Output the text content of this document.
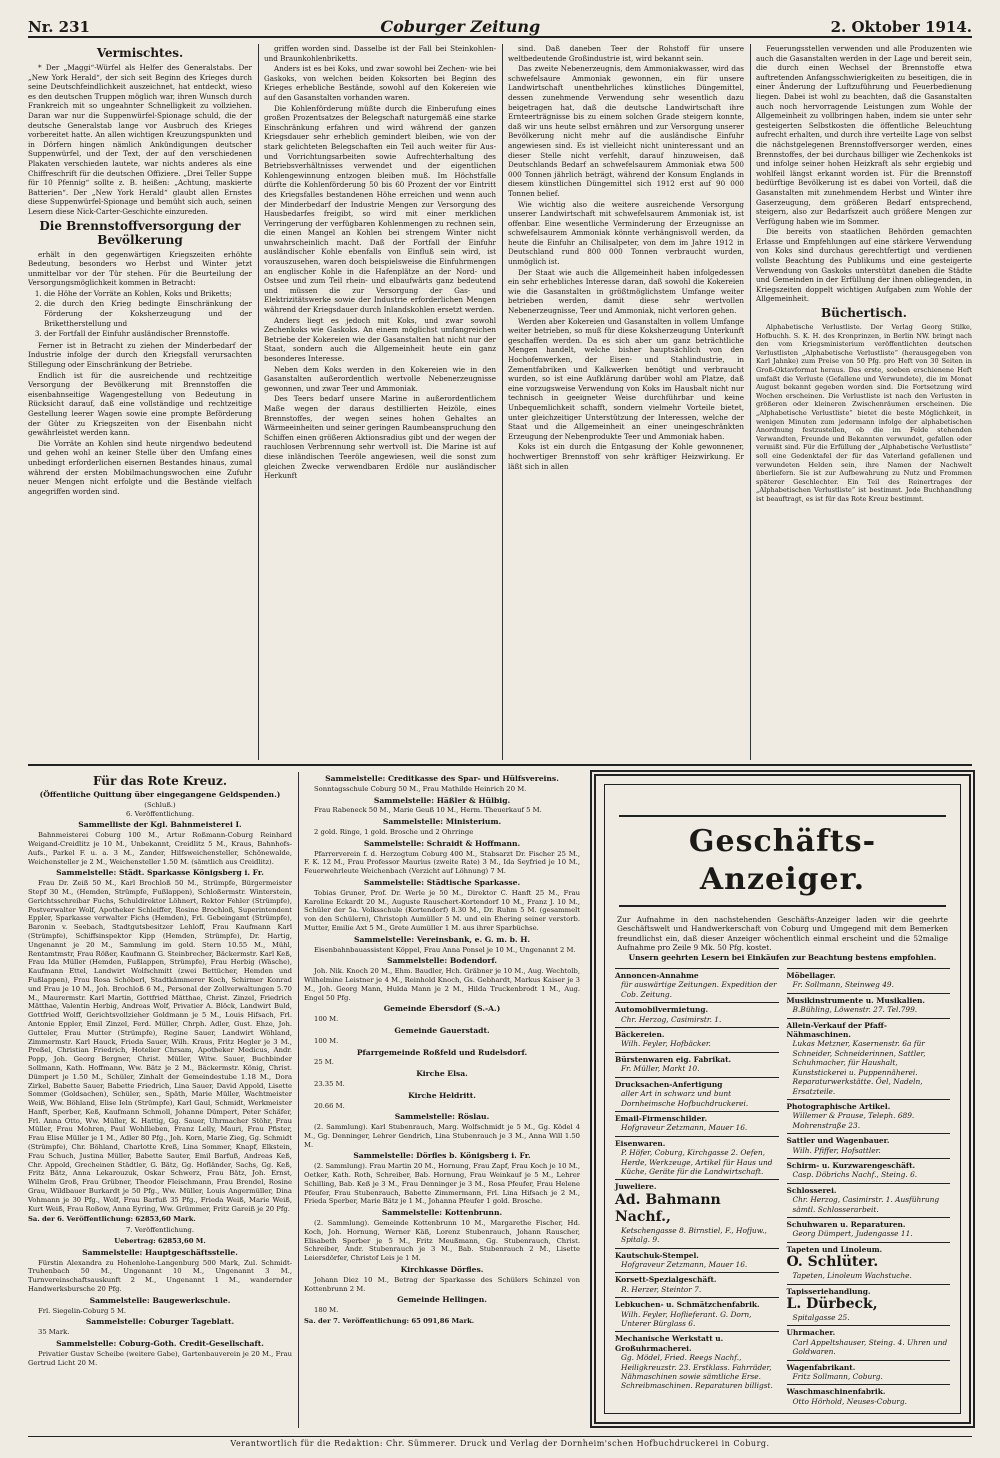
Nr. 231	Coburger Zeitung	2. Oktober 1914.
Vermischtes.

* Der „Maggi“-Würfel als Helfer des Generalstabs. Der „New York Herald“, der sich seit Beginn des Krieges durch seine Deutschfeindlichkeit auszeichnet, hat entdeckt, wieso es den deutschen Truppen möglich war, ihren Wunsch durch Frankreich mit so ungeahnter Schnelligkeit zu vollziehen. Daran war nur die Suppenwürfel-Spionage schuld, die der deutsche Generalstab lange vor Ausbruch des Krieges vorbereitet hatte. An allen wichtigen Kreuzungspunkten und in Dörfern hingen nämlich Ankündigungen deutscher Suppenwürfel, und der Text, der auf den verschiedenen Plakaten verschieden lautete, war nichts anderes als eine Chiffreschrift für die deutschen Offiziere. „Drei Teller Suppe für 10 Pfennig“ sollte z. B. heißen: „Achtung, maskierte Batterien“. Der „New York Herald“ glaubt allen Ernstes diese Suppenwürfel-Spionage und bemüht sich auch, seinen Lesern diese Nick-Carter-Geschichte einzureden.

Die Brennstoffversorgung der Bevölkerung

erhält in den gegenwärtigen Kriegszeiten erhöhte Bedeutung, besonders wo Herbst und Winter jetzt unmittelbar vor der Tür stehen. Für die Beurteilung der Versorgungsmöglichkeit kommen in Betracht:

1. die Höhe der Vorräte an Kohlen, Koks und Briketts;
2. die durch den Krieg bedingte Einschränkung der Förderung der Koksherzeugung und der Brikettherstellung und
3. der Fortfall der Einfuhr ausländischer Brennstoffe.

Ferner ist in Betracht zu ziehen der Minderbedarf der Industrie infolge der durch den Kriegsfall verursachten Stillegung oder Einschränkung der Betriebe.

Endlich ist für die ausreichende und rechtzeitige Versorgung der Bevölkerung mit Brennstoffen die eisenbahnseitige Wagengestellung von Bedeutung in Rücksicht darauf, daß eine vollständige und rechtzeitige Gestellung leerer Wagen sowie eine prompte Beförderung der Güter zu Kriegszeiten von der Eisenbahn nicht gewährleistet werden kann.

Die Vorräte an Kohlen sind heute nirgendwo bedeutend und gehen wohl an keiner Stelle über den Umfang eines unbedingt erforderlichen eisernen Bestandes hinaus, zumal während der ersten Mobilmachungswochen eine Zufuhr neuer Mengen nicht erfolgte und die Bestände vielfach angegriffen worden sind.

griffen worden sind. Dasselbe ist der Fall bei Steinkohlen- und Braunkohlenbriketts.

Anders ist es bei Koks, und zwar sowohl bei Zechen- wie bei Gaskoks, von welchen beiden Koksorten bei Beginn des Krieges erhebliche Bestände, sowohl auf den Kokereien wie auf den Gasanstalten vorhanden waren.

Die Kohlenförderung müßte durch die Einberufung eines großen Prozentsatzes der Belegschaft naturgemäß eine starke Einschränkung erfahren und wird während der ganzen Kriegsdauer sehr erheblich gemindert bleiben, wie von der stark gelichteten Belegschaften ein Teil auch weiter für Aus- und Vorrichtungsarbeiten sowie Aufrechterhaltung des Betriebsverhältnisses verwendet und der eigentlichen Kohlengewinnung entzogen bleiben muß. Im Höchstfalle dürfte die Kohlenförderung 50 bis 60 Prozent der vor Eintritt des Kriegsfalles bestandenen Höhe erreichen und wenn auch der Minderbedarf der Industrie Mengen zur Versorgung des Hausbedarfes freigibt, so wird mit einer merklichen Verringerung der verfügbaren Kohlenmengen zu rechnen sein, die einen Mangel an Kohlen bei strengem Winter nicht unwahrscheinlich macht. Daß der Fortfall der Einfuhr ausländischer Kohle ebenfalls von Einfluß sein wird, ist vorauszusehen, waren doch beispielsweise die Einfuhrmengen an englischer Kohle in die Hafenplätze an der Nord- und Ostsee und zum Teil rhein- und elbaufwärts ganz bedeutend und müssen die zur Versorgung der Gas- und Elektrizitätswerke sowie der Industrie erforderlichen Mengen während der Kriegsdauer durch Inlandskohlen ersetzt werden.

Anders liegt es jedoch mit Koks, und zwar sowohl Zechenkoks wie Gaskoks. An einem möglichst umfangreichen Betriebe der Kokereien wie der Gasanstalten hat nicht nur der Staat, sondern auch die Allgemeinheit heute ein ganz besonderes Interesse.

Neben dem Koks werden in den Kokereien wie in den Gasanstalten außerordentlich wertvolle Nebenerzeugnisse gewonnen, und zwar Teer und Ammoniak.

Des Teers bedarf unsere Marine in außerordentlichem Maße wegen der daraus destillierten Heizöle, eines Brennstoffes, der wegen seines hohen Gehaltes an Wärmeeinheiten und seiner geringen Raumbeanspruchung den Schiffen einen größeren Aktionsradius gibt und der wegen der rauchlosen Verbrennung sehr wertvoll ist. Die Marine ist auf diese inländischen Teeröle angewiesen, weil die sonst zum gleichen Zwecke verwendbaren Erdöle nur ausländischer Herkunft

sind. Daß daneben Teer der Rohstoff für unsere weltbedeutende Großindustrie ist, wird bekannt sein.

Das zweite Nebenerzeugnis, dem Ammoniakwasser, wird das schwefelsaure Ammoniak gewonnen, ein für unsere Landwirtschaft unentbehrliches künstliches Düngemittel, dessen zunehmende Verwendung sehr wesentlich dazu beigetragen hat, daß die deutsche Landwirtschaft ihre Ernteerträgnisse bis zu einem solchen Grade steigern konnte, daß wir uns heute selbst ernähren und zur Versorgung unserer Bevölkerung nicht mehr auf die ausländische Einfuhr angewiesen sind. Es ist vielleicht nicht uninteressant und an dieser Stelle nicht verfehlt, darauf hinzuweisen, daß Deutschlands Bedarf an schwefelsaurem Ammoniak etwa 500 000 Tonnen jährlich beträgt, während der Konsum Englands in diesem künstlichen Düngemittel sich 1912 erst auf 90 000 Tonnen belief.

Wie wichtig also die weitere ausreichende Versorgung unserer Landwirtschaft mit schwefelsaurem Ammoniak ist, ist offenbar. Eine wesentliche Verminderung der Erzeugnisse an schwefelsaurem Ammoniak könnte verhängnisvoll werden, da heute die Einfuhr an Chilisalpeter, von dem im Jahre 1912 in Deutschland rund 800 000 Tonnen verbraucht wurden, unmöglich ist.

Der Staat wie auch die Allgemeinheit haben infolgedessen ein sehr erhebliches Interesse daran, daß sowohl die Kokereien wie die Gasanstalten in größtmöglichstem Umfange weiter betrieben werden, damit diese sehr wertvollen Nebenerzeugnisse, Teer und Ammoniak, nicht verloren gehen.

Werden aber Kokereien und Gasanstalten in vollem Umfange weiter betrieben, so muß für diese Koksherzeugung Unterkunft geschaffen werden. Da es sich aber um ganz beträchtliche Mengen handelt, welche bisher hauptsächlich von den Hochofenwerken, der Eisen- und Stahlindustrie, in Zementfabriken und Kalkwerken benötigt und verbraucht wurden, so ist eine Aufklärung darüber wohl am Platze, daß eine vorzugsweise Verwendung von Koks im Hausbalt nicht nur technisch in geeigneter Weise durchführbar und keine Unbequemlichkeit schafft, sondern vielmehr Vorteile bietet, unter gleichzeitiger Unterstützung der Interessen, welche der Staat und die Allgemeinheit an einer uneingeschränkten Erzeugung der Nebenprodukte Teer und Ammoniak haben.

Koks ist ein durch die Entgasung der Kohle gewonnener, hochwertiger Brennstoff von sehr kräftiger Heizwirkung. Er läßt sich in allen

Feuerungsstellen verwenden und alle Produzenten wie auch die Gasanstalten werden in der Lage und bereit sein, die durch einen Wechsel der Brennstoffe etwa auftretenden Anfangsschwierigkeiten zu beseitigen, die in einer Änderung der Luftzuführung und Feuerbedienung liegen. Dabei ist wohl zu beachten, daß die Gasanstalten auch noch hervorragende Leistungen zum Wohle der Allgemeinheit zu vollbringen haben, indem sie unter sehr gesteigerten Selbstkosten die öffentliche Beleuchtung aufrecht erhalten, und durch ihre verteilte Lage von selbst die nächstgelegenen Brennstoffversorger werden, eines Brennstoffes, der bei durchaus billiger wie Zechenkoks ist und infolge seiner hohen Heizkraft als sehr ergiebig und wohlfeil längst erkannt worden ist. Für die Brennstoff bedürftige Bevölkerung ist es dabei von Vorteil, daß die Gasanstalten mit zunehmendem Herbst und Winter ihre Gaserzeugung, dem größeren Bedarf entsprechend, steigern, also zur Bedarfszeit auch größere Mengen zur Verfügung haben wie im Sommer.

Die bereits von staatlichen Behörden gemachten Erlasse und Empfehlungen auf eine stärkere Verwendung von Koks sind durchaus gerechtfertigt und verdienen vollste Beachtung des Publikums und eine gesteigerte Verwendung von Gaskoks unterstützt daneben die Städte und Gemeinden in der Erfüllung der ihnen obliegenden, in Kriegszeiten doppelt wichtigen Aufgaben zum Wohle der Allgemeinheit.

Büchertisch.

Alphabetische Verlustliste. Der Verlag Georg Stilke, Hofbuchh. S. K. H. des Kronprinzen, in Berlin NW. bringt nach den vom Kriegsministerium veröffentlichten deutschen Verlustlisten „Alphabetische Verlustliste“ (herausgegeben von Karl Jahnke) zum Preise von 50 Pfg. pro Heft von 30 Seiten in Groß-Oktavformat heraus. Das erste, soeben erschienene Heft umfaßt die Verluste (Gefallene und Verwundete), die im Monat August bekannt gegeben worden sind. Die Fortsetzung wird Wochen erscheinen. Die Verlustliste ist nach den Verlusten in größeren oder kleineren Zwischenräumen erscheinen. Die „Alphabetische Verlustliste“ bietet die beste Möglichkeit, in wenigen Minuten zum jedermann infolge der alphabetischen Anordnung festzustellen, ob die im Felde stehenden Verwandten, Freunde und Bekannten verwundet, gefallen oder vermißt sind. Für die Erfüllung der „Alphabetische Verlustliste“ soll eine Gedenktafel der für das Vaterland gefallenen und verwundeten Helden sein, ihre Namen der Nachwelt überliefern. Sie ist zur Aufbewahrung zu Nutz und Frommen späterer Geschlechter. Ein Teil des Reinertrages der „Alphabetischen Verlustliste“ ist bestimmt. Jede Buchhandlung ist beauftragt, es ist für das Rote Kreuz bestimmt.

Für das Rote Kreuz.
(Öffentliche Quittung über eingegangene Geldspenden.)
(Schluß.)
6. Veröffentlichung.
Sammelliste der Kgl. Bahnmeisterei I.

Bahnmeisterei Coburg 100 M., Artur Roßmann-Coburg Reinhard Weigand-Creidlitz je 10 M., Unbekannt, Creidlitz 5 M., Kraus, Bahnhofs-Aufs., Parkel F. u. a. 3 M., Zander, Hilfsweichensteller, Schönewalde, Weichensteller je 2 M., Weichensteller 1.50 M. (sämtlich aus Creidlitz).

Sammelstelle: Städt. Sparkasse Königsberg i. Fr.

Frau Dr. Zeiß 50 M., Karl Brochloß 50 M., Strümpfe, Bürgermeister Stepf 30 M., (Hemden, Strümpfe, Fußlappen), Schloßermstr. Winterstein, Gerichtsschreibar Fuchs, Schuldirektor Löhnert, Rektor Fehler (Strümpfe), Postverwalter Wolf, Apotheker Schleiffer, Rosine Brochloß, Superintendent Eppler, Sparkasse verwalter Fichs (Hemden), Frl. Gebeingamt (Strümpfe), Baronin v. Seebach, Stadtgutsbesitzer Lehloff, Frau Kaufmann Karl (Strümpfe), Schiffsinspektor Kipp (Hemden, Strümpfe), Dr. Hartig, Ungenannt je 20 M., Sammlung im gold. Stern 10.55 M., Mühl, Rentamtmstr, Frau Rößer, Kaufmann G. Steinbrecher, Bäckermstr. Karl Keß, Frau Ida Müller (Hemden, Fußlappen, Strümpfe), Frau Herbig (Wäsche), Kaufmann Ettel, Landwirt Wolfschmitt (zwei Bettücher, Hemden und Fußlappen), Frau Rosa Schöberl, Stadtkämmerer Koch, Schirmer Konrad und Frau je 10 M., Joh. Brochloß 6 M., Personal der Zollverwaltungen 5.70 M., Maurermstr. Karl Martin, Gottfried Mätthae, Christ. Zinzel, Friedrich Mätthae, Valentin Herbig, Andreas Wolf, Privatier A. Blöck, Landwirt Buld, Gottfried Wolff, Gerichtsvollzieher Goldmann je 5 M., Louis Hifsach, Frl. Antonie Eppler, Emil Zinzel, Ferd. Müller, Chrph. Adler, Gust. Ehze, Joh. Gutteler, Frau Mutter (Strümpfe), Regine Sauer, Landwirt Wöhland, Zimmermstr. Karl Hauck, Frieda Sauer, Wilh. Kraus, Fritz Hegler je 3 M., Preßel, Christian Friedrich, Hotelier Chrsam, Apotheker Medicus, Andr. Popp, Joh. Georg Bergner, Christ. Müller, Witw. Sauer, Buchbinder Sollmann, Kath. Hoffmann, Ww. Bätz je 2 M., Bäckermstr. König, Christ. Dümpert je 1.50 M., Schüler, Zinhalt der Gemeindestube 1.18 M., Dora Zirkel, Babette Sauer, Babette Friedrich, Lina Sauer, David Appold, Lisette Sommer (Goldsachen), Schüler, sen., Späth, Marie Müller, Wachtmeister Weiß, Ww. Böhland, Elise Ieln (Strümpfe), Karl Gaul, Schmidt, Werkmeister Hanft, Sperber, Keß, Kaufmann Schmoll, Johanne Dümpert, Peter Schäfer, Frl. Anna Otto, Ww. Müller, K. Hattig, Gg. Sauer, Uhrmacher Stöhr, Frau Müller, Frau Mohren, Paul Wohllieben, Franz Lelly, Mauri, Frau Pfister, Frau Elise Müller je 1 M., Adler 80 Pfg., Joh. Korn, Marie Zieg, Gg. Schmidt (Strümpfe), Chr. Böhland, Charlotte Kreß, Lina Sommer, Knapf, Elkstein, Frau Schuch, Justina Müller, Babette Sauter, Emil Barfuß, Andreas Keß, Chr. Appold, Grecheinen Städtler, G. Bätz, Gg. Hofländer, Sachs, Gg. Keß, Fritz Bätz, Anna Lekarouzuk, Oskar Schwerz, Frau Bätz, Joh. Ernst, Wilhelm Groß, Frau Grübner, Theodor Fleischmann, Frau Brendel, Rosine Grau, Wildbauer Burkardt je 50 Pfg., Ww. Müller, Louis Angermüller, Dina Vohmann je 30 Pfg., Wolf, Frau Barfuß 35 Pfg., Frieda Weiß, Marie Weiß, Kurt Weiß, Frau Roßow, Anna Eyring, Ww. Grümmer, Fritz Gareiß je 20 Pfg.

Sa. der 6. Veröffentlichung: 62853,60 Mark.
7. Veröffentlichung.
Uebertrag: 62853,60 M.
Sammelstelle: Hauptgeschäftsstelle.

Fürstin Alexandra zu Hohenlohe-Langenburg 500 Mark, Zul. Schmidt-Truhenbach 50 M., Ungenannt 10 M., Ungenannt 3 M., Turnvereinschaftsauskunft 2 M., Ungenannt 1 M., wandernder Handwerksbursche 20 Pfg.

Sammelstelle: Baugewerkschule.

Frl. Siegelin-Coburg 5 M.

Sammelstelle: Coburger Tageblatt.

35 Mark.

Sammelstelle: Coburg-Goth. Credit-Gesellschaft.

Privatier Gustav Scheibe (weitere Gabe), Gartenbauverein je 20 M., Frau Gertrud Licht 20 M.

Sammelstelle: Creditkasse des Spar- und Hülfsvereins.

Sonntagsschule Coburg 50 M., Frau Mathilde Heinrich 20 M.

Sammelstelle: Häßler & Hülbig.

Frau Rabeneck 50 M., Marie Geuß 10 M., Herm. Theuerkauf 5 M.

Sammelstelle: Ministerium.

2 gold. Ringe, 1 gold. Brosche und 2 Ohrringe

Sammelstelle: Schraidt & Hoffmann.

Pfarrerverein f. d. Herzogtum Coburg 400 M., Stabsarzt Dr. Fischer 25 M., F. K. 12 M., Frau Professor Maurius (zweite Rate) 3 M., Ida Seyfried je 10 M., Feuerwehrleute Weichenbach (Verzicht auf Löhnung) 7 M.

Sammelstelle: Städtische Sparkasse.

Tobias Gruner, Prof. Dr. Werle je 50 M., Direktor C. Hanft 25 M., Frau Karoline Eckardt 20 M., Auguste Rauschert-Kortendorf 10 M., Franz J. 10 M., Schüler der 5a. Volksschule (Kortendorf) 8.30 M., Dr. Ruhm 5 M. (gesammelt von den Schülern), Christoph Aumüller 5 M. und ein Ehering seiner verstorb. Mutter, Emilie Axt 5 M., Grete Aumüller 1 M. aus ihrer Sparbüchse.

Sammelstelle: Vereinsbank, e. G. m. b. H.

Eisenbahnbauassistent Köppel, Frau Anna Ponsel je 10 M., Ungenannt 2 M.

Sammelstelle: Bodendorf.

Joh. Nik. Knoch 20 M., Ehm. Baudler, Hch. Gräbner je 10 M., Aug. Wechtolb, Wilhelmine Leistner je 4 M., Reinhold Knoch, Gs. Gebhardt, Markus Kaiser je 3 M., Joh. Georg Mann, Hulda Mann je 2 M., Hilda Truckenbrodt 1 M., Aug. Engel 50 Pfg.

Gemeinde Ebersdorf (S.-A.)

100 M.

Gemeinde Gauerstadt.

100 M.

Pfarrgemeinde Roßfeld und Rudelsdorf.

25 M.

Kirche Elsa.

23.35 M.

Kirche Heldritt.

20.66 M.

Sammelstelle: Röslau.

(2. Sammlung). Karl Stubenrauch, Marg. Wolfschmidt je 5 M., Gg. Ködel 4 M., Gg. Denninger, Lehrer Gendrich, Lina Stubenrauch je 3 M., Anna Will 1.50 M.

Sammelstelle: Dörfles b. Königsberg i. Fr.

(2. Sammlung). Frau Martin 20 M., Hornung, Frau Zapf, Frau Koch je 10 M., Oetker, Kath. Roth, Schreiber, Bab. Hornung, Frau Weinkauf je 5 M., Lehrer Schilling, Bab. Keß je 3 M., Frau Denninger je 3 M., Rosa Pfeufer, Frau Helene Pfeufer, Frau Stubenrauch, Babette Zimmermann, Frl. Lina Hifsach je 2 M., Frieda Sperber, Marie Bätz je 1 M., Johanna Pfeufer 1 gold. Brosche.

Sammelstelle: Kottenbrunn.

(2. Sammlung). Gemeinde Kottenbrunn 10 M., Margarethe Fischer, Hd. Koch, Joh. Hornung, Werner Käß, Lorenz Stubenrauch, Johann Rauscher, Elisabeth Sperber je 5 M., Fritz Meußmann, Gg. Stubenrauch, Christ. Schreiber, Andr. Stubenrauch je 3 M., Bab. Stubenrauch 2 M., Lisette Leiersdörfer, Christof Leis je 1 M.

Kirchkasse Dörfles.

Johann Diez 10 M., Betrag der Sparkasse des Schülers Schinzel von Kottenbrunn 2 M.

Gemeinde Hellingen.

180 M.

Sa. der 7. Veröffentlichung: 65 091,86 Mark.
Geschäfts-Anzeiger.
Zur Aufnahme in den nachstehenden Geschäfts-Anzeiger laden wir die geehrte Geschäftswelt und Handwerkerschaft von Coburg und Umgegend mit dem Bemerken freundlichst ein, daß dieser Anzeiger wöchentlich einmal erscheint und die 52malige Aufnahme pro Zeile 9 Mk. 50 Pfg. kostet.
Unsern geehrten Lesern bei Einkäufen zur Beachtung bestens empfohlen.
Annoncen-Annahme
für auswärtige Zeitungen. Expedition der Cob. Zeitung.
Automobilvermietung.
Chr. Herzog, Casimirstr. 1.
Bäckereien.
Wilh. Feyler, Hofbäcker.
Bürstenwaren eig. Fabrikat.
Fr. Müller, Markt 10.
Drucksachen-Anfertigung
aller Art in schwarz und bunt Dornheimsche Hofbuchdruckerei.
Email-Firmenschilder.
Hofgraveur Zetzmann, Mauer 16.
Eisenwaren.
P. Höfer, Coburg, Kirchgasse 2. Oefen, Herde, Werkzeuge, Artikel für Haus und Küche, Geräte für die Landwirtschaft.
Juweliere.
Ad. Bahmann Nachf.,
Ketschengasse 8. Birnstiel, F., Hofjuw., Spitalg. 9.
Kautschuk-Stempel.
Hofgraveur Zetzmann, Mauer 16.
Korsett-Spezialgeschäft.
R. Herzer, Steintor 7.
Lebkuchen- u. Schmätzchenfabrik.
Wilh. Feyler, Hoflieferant. G. Dorn, Unterer Bürglass 6.
Mechanische Werkstatt u. Großuhrmacherei.
Gg. Mödel, Fried. Reegs Nachf., Heiligkreuzstr. 23. Erstklass. Fahrräder, Nähmaschinen sowie sämtliche Erse. Schreibmaschinen. Reparaturen billigst.
Möbellager.
Fr. Sollmann, Steinweg 49.
Musikinstrumente u. Musikalien.
B.Bühling, Löwenstr. 27. Tel.799.
Allein-Verkauf der Pfaff-Nähmaschinen.
Lukas Metzner, Kasernenstr. 6a für Schneider, Schneiderinnen, Sattler, Schuhmacher, für Haushalt, Kunststickerei u. Puppennäherei. Reparaturwerkstätte. Öel, Nadeln, Ersatzteile.
Photographische Artikel.
Willemer & Prause, Teleph. 689. Mohrenstraße 23.
Sattler und Wagenbauer.
Wilh. Pfiffer, Hofsattler.
Schirm- u. Kurzwarengeschäft.
Casp. Döbrichs Nachf., Steing. 6.
Schlosserei.
Chr. Herzog, Casimirstr. 1. Ausführung sämtl. Schlosserarbeit.
Schuhwaren u. Reparaturen.
Georg Dümpert, Judengasse 11.
Tapeten und Linoleum.
O. Schlüter.
Tapeten, Linoleum Wachstuche.
Tapisseriehandlung.
L. Dürbeck,
Spitalgasse 25.
Uhrmacher.
Carl Appeltshauser, Steing. 4. Uhren und Goldwaren.
Wagenfabrikant.
Fritz Sollmann, Coburg.
Waschmaschinenfabrik.
Otto Hörhold, Neuses-Coburg.
Verantwortlich für die Redaktion: Chr. Sümmerer. Druck und Verlag der Dornheim'schen Hofbuchdruckerei in Coburg.
